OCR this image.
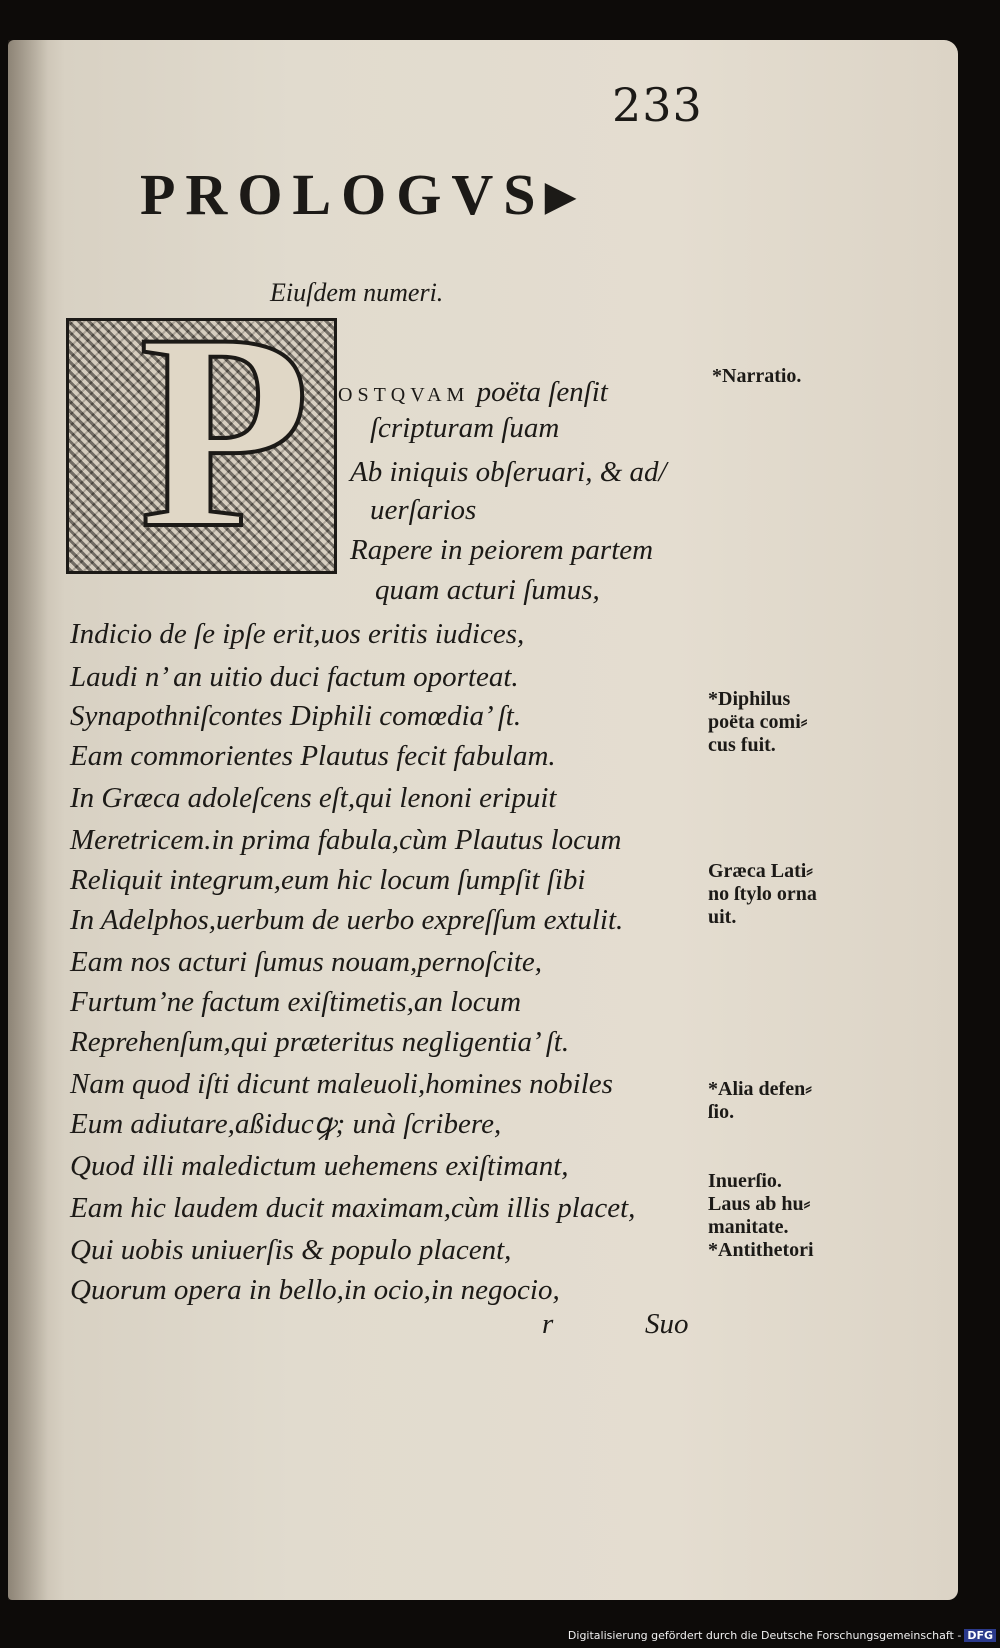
233
PROLOGVS▸
Eiuſdem numeri.
P OSTQVAM poëta ſenſit
ſcripturam ſuam
Ab iniquis obſeruari, & ad/
uerſarios
Rapere in peiorem partem
quam acturi ſumus,
Indicio de ſe ipſe erit,uos eritis iudices,
Laudi n’ an uitio duci factum oporteat.
Synapothniſcontes Diphili comœdia’ ſt.
Eam commorientes Plautus fecit fabulam.
In Græca adoleſcens eſt,qui lenoni eripuit
Meretricem.in prima fabula,cùm Plautus locum
Reliquit integrum,eum hic locum ſumpſit ſibi
In Adelphos,uerbum de uerbo expreſſum extulit.
Eam nos acturi ſumus nouam,pernoſcite,
Furtum’ne factum exiſtimetis,an locum
Reprehenſum,qui præteritus negligentia’ ſt.
Nam quod iſti dicunt maleuoli,homines nobiles
Eum adiutare,aßiducꝙ; unà ſcribere,
Quod illi maledictum uehemens exiſtimant,
Eam hic laudem ducit maximam,cùm illis placet,
Qui uobis uniuerſis & populo placent,
Quorum opera in bello,in ocio,in negocio,
*Narratio.
*Diphilus
poëta comi⸗
cus fuit.
Græca Lati⸗
no ſtylo orna
uit.
*Alia defen⸗
ſio.
Inuerſio.
Laus ab hu⸗
manitate.
*Antithetori
r	Suo
Digitalisierung gefördert durch die Deutsche Forschungsgemeinschaft - DFG
